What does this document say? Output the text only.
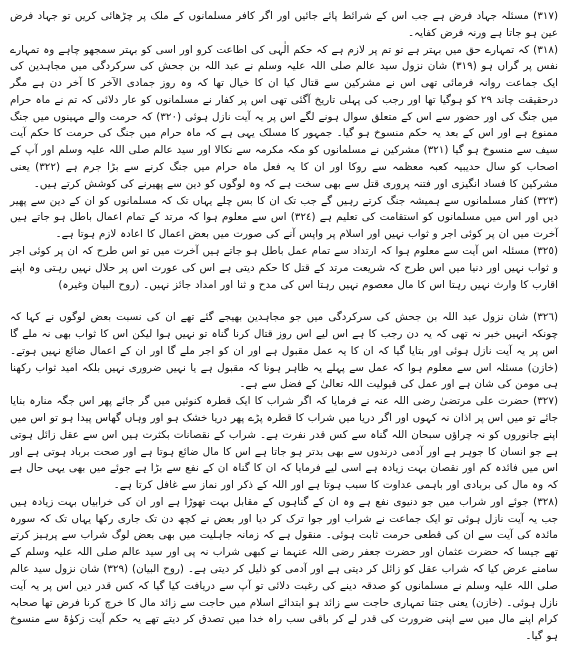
(٣١٧) مسئلہ جہاد فرض ہے جب اس کے شرائط پائے جائیں اور اگر کافر مسلمانوں کے ملک پر چڑھائی کریں تو جہاد فرض عین ہو جاتا ہے ورنہ فرض کفایہ۔

(٣١٨) کہ تمہارے حق میں بہتر ہے تو تم پر لازم ہے کہ حکم الٰہی کی اطاعت کرو اور اسی کو بہتر سمجھو چاہے وہ تمہارے نفس پر گراں ہو (٣١٩) شان نزول سید عالم صلی اللہ علیہ وسلم نے عبد اللہ بن جحش کی سرکردگی میں مجاہدین کی ایک جماعت روانہ فرمائی تھی اس نے مشرکین سے قتال کیا ان کا خیال تھا کہ وہ روز جمادی الآخر کا آخر دن ہے مگر درحقیقت چاند ٢٩ کو ہوگیا تھا اور رجب کی پہلی تاریخ آگئی تھی اس پر کفار نے مسلمانوں کو عار دلائی کہ تم نے ماہ حرام میں جنگ کی اور حضور سے اس کے متعلق سوال ہونے لگے اس پر یہ آیت نازل ہوئی (٣٢٠) کہ حرمت والے مہینوں میں جنگ ممنوع ہے اور اس کے بعد یہ حکم منسوخ ہو گیا۔ جمہور کا مسلک یہی ہے کہ ماہ حرام میں جنگ کی حرمت کا حکم آیت سیف سے منسوخ ہو گیا (٣٢١) مشرکین نے مسلمانوں کو مکہ مکرمہ سے نکالا اور سید عالم صلی اللہ علیہ وسلم اور آپ کے اصحاب کو سال حدیبیہ کعبہ معظمہ سے روکا اور ان کا یہ فعل ماہ حرام میں جنگ کرنے سے بڑا جرم ہے (٣٢٢) یعنی مشرکین کا فساد انگیزی اور فتنہ پروری قتل سے بھی سخت ہے کہ وہ لوگوں کو دین سے پھیرنے کی کوشش کرتے ہیں۔

(٣٢٣) کفار مسلمانوں سے ہمیشہ جنگ کرتے رہیں گے جب تک ان کا بس چلے یہاں تک کہ مسلمانوں کو ان کے دین سے پھیر دیں اور اس میں مسلمانوں کو استقامت کی تعلیم ہے (٣٢٤) اس سے معلوم ہوا کہ مرتد کے تمام اعمال باطل ہو جاتے ہیں آخرت میں ان پر کوئی اجر و ثواب نہیں اور اسلام پر واپس آنے کی صورت میں بعض اعمال کا اعادہ لازم ہوتا ہے۔

(٣٢٥) مسئلہ اس آیت سے معلوم ہوا کہ ارتداد سے تمام عمل باطل ہو جاتے ہیں آخرت میں تو اس طرح کہ ان پر کوئی اجر و ثواب نہیں اور دنیا میں اس طرح کہ شریعت مرتد کے قتل کا حکم دیتی ہے اس کی عورت اس پر حلال نہیں رہتی وہ اپنے اقارب کا وارث نہیں رہتا اس کا مال معصوم نہیں رہتا اس کی مدح و ثنا اور امداد جائز نہیں۔ (روح البیان وغیرہ)

(٣٢٦) شان نزول عبد اللہ بن جحش کی سرکردگی میں جو مجاہدین بھیجے گئے تھے ان کی نسبت بعض لوگوں نے کہا کہ چونکہ انہیں خبر نہ تھی کہ یہ دن رجب کا ہے اس لیے اس روز قتال کرنا گناہ تو نہیں ہوا لیکن اس کا ثواب بھی نہ ملے گا اس پر یہ آیت نازل ہوئی اور بتایا گیا کہ ان کا یہ عمل مقبول ہے اور ان کو اجر ملے گا اور ان کے اعمال ضائع نہیں ہوتے۔ (خازن) مسئلہ اس سے معلوم ہوا کہ عمل سے پہلے یہ ظاہر ہونا کہ مقبول ہے یا نہیں ضروری نہیں بلکہ امید ثواب رکھنا ہی مومن کی شان ہے اور عمل کی قبولیت اللہ تعالیٰ کے فضل سے ہے۔

(٣٢٧) حضرت علی مرتضیٰ رضی اللہ عنہ نے فرمایا کہ اگر شراب کا ایک قطرہ کنوئیں میں گر جائے پھر اس جگہ منارہ بنایا جائے تو میں اس پر اذان نہ کہوں اور اگر دریا میں شراب کا قطرہ پڑے پھر دریا خشک ہو اور وہاں گھاس پیدا ہو تو اس میں اپنے جانوروں کو نہ چراؤں سبحان اللہ گناہ سے کس قدر نفرت ہے۔ شراب کے نقصانات بکثرت ہیں اس سے عقل زائل ہوتی ہے جو انسان کا جوہر ہے اور آدمی درندوں سے بھی بدتر ہو جاتا ہے اس کا مال ضائع ہوتا ہے اور صحت برباد ہوتی ہے اور اس میں فائدہ کم اور نقصان بہت زیادہ ہے اسی لیے فرمایا کہ ان کا گناہ ان کے نفع سے بڑا ہے جوئے میں بھی یہی حال ہے کہ وہ مال کی بربادی اور باہمی عداوت کا سبب ہوتا ہے اور اللہ کے ذکر اور نماز سے غافل کرتا ہے۔

(٣٢٨) جوئے اور شراب میں جو دنیوی نفع ہے وہ ان کے گناہوں کے مقابل بہت تھوڑا ہے اور ان کی خرابیاں بہت زیادہ ہیں جب یہ آیت نازل ہوئی تو ایک جماعت نے شراب اور جوا ترک کر دیا اور بعض نے کچھ دن تک جاری رکھا یہاں تک کہ سورہ مائدہ کی آیت سے ان کی قطعی حرمت ثابت ہوئی۔ منقول ہے کہ زمانہ جاہلیت میں بھی بعض لوگ شراب سے پرہیز کرتے تھے جیسا کہ حضرت عثمان اور حضرت جعفر رضی اللہ عنہما نے کبھی شراب نہ پی اور سید عالم صلی اللہ علیہ وسلم کے سامنے عرض کیا کہ شراب عقل کو زائل کر دیتی ہے اور آدمی کو ذلیل کر دیتی ہے۔ (روح البیان) (٣٢٩) شان نزول سید عالم صلی اللہ علیہ وسلم نے مسلمانوں کو صدقہ دینے کی رغبت دلائی تو آپ سے دریافت کیا گیا کہ کس قدر دیں اس پر یہ آیت نازل ہوئی۔ (خازن) یعنی جتنا تمہاری حاجت سے زائد ہو ابتدائے اسلام میں حاجت سے زائد مال کا خرچ کرنا فرض تھا صحابہ کرام اپنے مال میں سے اپنی ضرورت کی قدر لے کر باقی سب راہ خدا میں تصدق کر دیتے تھے یہ حکم آیت زکوٰۃ سے منسوخ ہو گیا۔
